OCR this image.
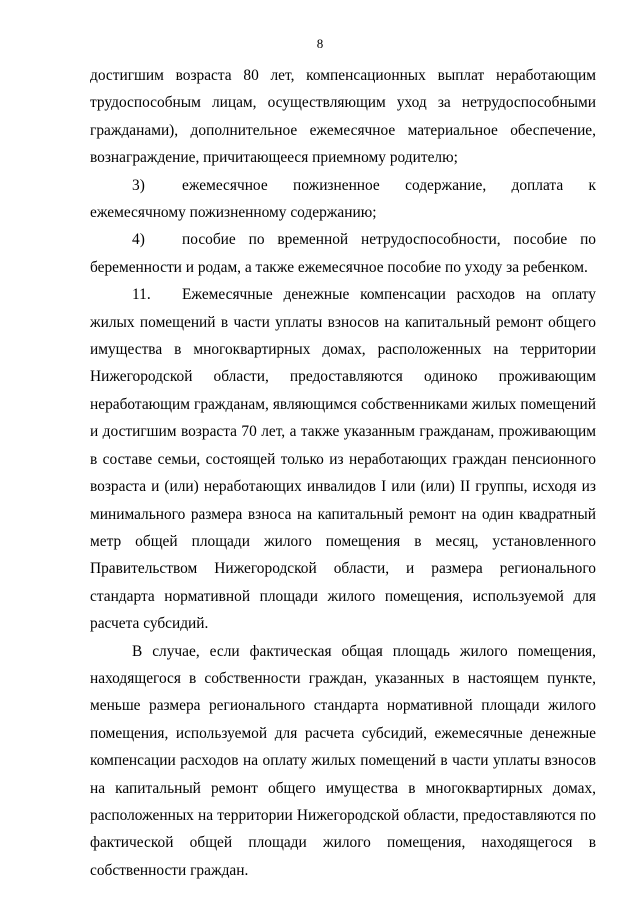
8

достигшим возраста 80 лет, компенсационных выплат неработающим трудоспособным лицам, осуществляющим уход за нетрудоспособными гражданами), дополнительное ежемесячное материальное обеспечение, вознаграждение, причитающееся приемному родителю;

3) ежемесячное пожизненное содержание, доплата к ежемесячному пожизненному содержанию;

4) пособие по временной нетрудоспособности, пособие по беременности и родам, а также ежемесячное пособие по уходу за ребенком.

11. Ежемесячные денежные компенсации расходов на оплату жилых помещений в части уплаты взносов на капитальный ремонт общего имущества в многоквартирных домах, расположенных на территории Нижегородской области, предоставляются одиноко проживающим неработающим гражданам, являющимся собственниками жилых помещений и достигшим возраста 70 лет, а также указанным гражданам, проживающим в составе семьи, состоящей только из неработающих граждан пенсионного возраста и (или) неработающих инвалидов I или (или) II группы, исходя из минимального размера взноса на капитальный ремонт на один квадратный метр общей площади жилого помещения в месяц, установленного Правительством Нижегородской области, и размера регионального стандарта нормативной площади жилого помещения, используемой для расчета субсидий.

В случае, если фактическая общая площадь жилого помещения, находящегося в собственности граждан, указанных в настоящем пункте, меньше размера регионального стандарта нормативной площади жилого помещения, используемой для расчета субсидий, ежемесячные денежные компенсации расходов на оплату жилых помещений в части уплаты взносов на капитальный ремонт общего имущества в многоквартирных домах, расположенных на территории Нижегородской области, предоставляются по фактической общей площади жилого помещения, находящегося в собственности граждан.
